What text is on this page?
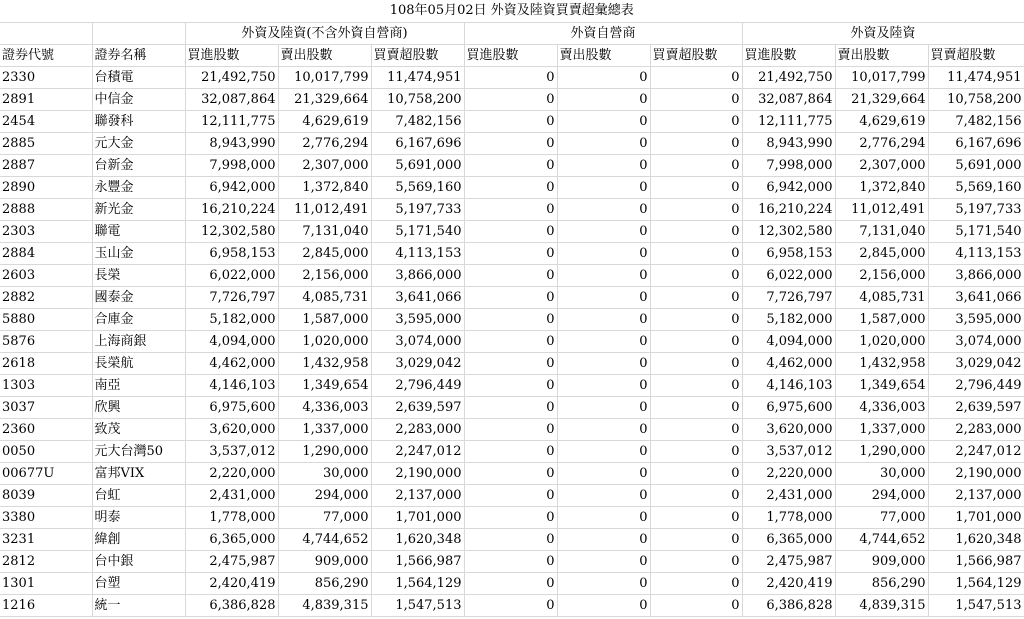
108年05月02日 外資及陸資買賣超彙總表										
		外資及陸資(不含外資自營商)			外資自營商			外資及陸資		
證券代號	證券名稱	買進股數	賣出股數	買賣超股數	買進股數	賣出股數	買賣超股數	買進股數	賣出股數	買賣超股數
2330	台積電	21,492,750	10,017,799	11,474,951	0	0	0	21,492,750	10,017,799	11,474,951
2891	中信金	32,087,864	21,329,664	10,758,200	0	0	0	32,087,864	21,329,664	10,758,200
2454	聯發科	12,111,775	4,629,619	7,482,156	0	0	0	12,111,775	4,629,619	7,482,156
2885	元大金	8,943,990	2,776,294	6,167,696	0	0	0	8,943,990	2,776,294	6,167,696
2887	台新金	7,998,000	2,307,000	5,691,000	0	0	0	7,998,000	2,307,000	5,691,000
2890	永豐金	6,942,000	1,372,840	5,569,160	0	0	0	6,942,000	1,372,840	5,569,160
2888	新光金	16,210,224	11,012,491	5,197,733	0	0	0	16,210,224	11,012,491	5,197,733
2303	聯電	12,302,580	7,131,040	5,171,540	0	0	0	12,302,580	7,131,040	5,171,540
2884	玉山金	6,958,153	2,845,000	4,113,153	0	0	0	6,958,153	2,845,000	4,113,153
2603	長榮	6,022,000	2,156,000	3,866,000	0	0	0	6,022,000	2,156,000	3,866,000
2882	國泰金	7,726,797	4,085,731	3,641,066	0	0	0	7,726,797	4,085,731	3,641,066
5880	合庫金	5,182,000	1,587,000	3,595,000	0	0	0	5,182,000	1,587,000	3,595,000
5876	上海商銀	4,094,000	1,020,000	3,074,000	0	0	0	4,094,000	1,020,000	3,074,000
2618	長榮航	4,462,000	1,432,958	3,029,042	0	0	0	4,462,000	1,432,958	3,029,042
1303	南亞	4,146,103	1,349,654	2,796,449	0	0	0	4,146,103	1,349,654	2,796,449
3037	欣興	6,975,600	4,336,003	2,639,597	0	0	0	6,975,600	4,336,003	2,639,597
2360	致茂	3,620,000	1,337,000	2,283,000	0	0	0	3,620,000	1,337,000	2,283,000
0050	元大台灣50	3,537,012	1,290,000	2,247,012	0	0	0	3,537,012	1,290,000	2,247,012
00677U	富邦VIX	2,220,000	30,000	2,190,000	0	0	0	2,220,000	30,000	2,190,000
8039	台虹	2,431,000	294,000	2,137,000	0	0	0	2,431,000	294,000	2,137,000
3380	明泰	1,778,000	77,000	1,701,000	0	0	0	1,778,000	77,000	1,701,000
3231	緯創	6,365,000	4,744,652	1,620,348	0	0	0	6,365,000	4,744,652	1,620,348
2812	台中銀	2,475,987	909,000	1,566,987	0	0	0	2,475,987	909,000	1,566,987
1301	台塑	2,420,419	856,290	1,564,129	0	0	0	2,420,419	856,290	1,564,129
1216	統一	6,386,828	4,839,315	1,547,513	0	0	0	6,386,828	4,839,315	1,547,513
